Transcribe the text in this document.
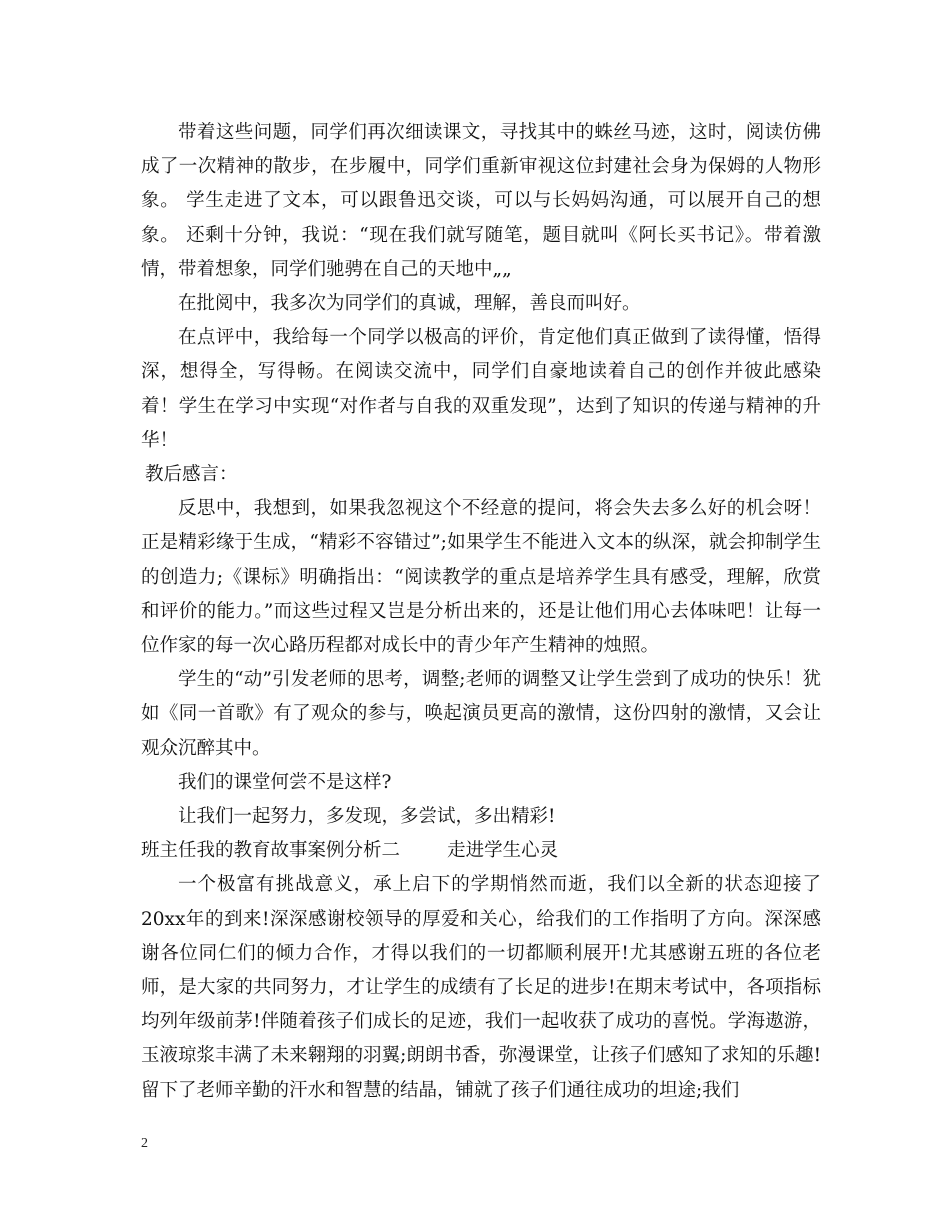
带着这些问题，同学们再次细读课文，寻找其中的蛛丝马迹，这时，阅读仿佛成了一次精神的散步，在步履中，同学们重新审视这位封建社会身为保姆的人物形象。 学生走进了文本，可以跟鲁迅交谈，可以与长妈妈沟通，可以展开自己的想象。 还剩十分钟，我说：“现在我们就写随笔，题目就叫《阿长买书记》。带着激情，带着想象，同学们驰骋在自己的天地中„„

在批阅中，我多次为同学们的真诚，理解，善良而叫好。

在点评中，我给每一个同学以极高的评价，肯定他们真正做到了读得懂，悟得深，想得全，写得畅。在阅读交流中，同学们自豪地读着自己的创作并彼此感染着！学生在学习中实现“对作者与自我的双重发现”，达到了知识的传递与精神的升华！

教后感言：

反思中，我想到，如果我忽视这个不经意的提问，将会失去多么好的机会呀！正是精彩缘于生成，“精彩不容错过”;如果学生不能进入文本的纵深，就会抑制学生的创造力;《课标》明确指出：“阅读教学的重点是培养学生具有感受，理解，欣赏和评价的能力。”而这些过程又岂是分析出来的，还是让他们用心去体味吧！让每一位作家的每一次心路历程都对成长中的青少年产生精神的烛照。

学生的“动”引发老师的思考，调整;老师的调整又让学生尝到了成功的快乐！犹如《同一首歌》有了观众的参与，唤起演员更高的激情，这份四射的激情，又会让观众沉醉其中。

我们的课堂何尝不是这样?

让我们一起努力，多发现，多尝试，多出精彩!

班主任我的教育故事案例分析二	走进学生心灵

一个极富有挑战意义，承上启下的学期悄然而逝，我们以全新的状态迎接了20xx年的到来!深深感谢校领导的厚爱和关心，给我们的工作指明了方向。深深感谢各位同仁们的倾力合作，才得以我们的一切都顺利展开!尤其感谢五班的各位老师，是大家的共同努力，才让学生的成绩有了长足的进步!在期末考试中，各项指标均列年级前茅!伴随着孩子们成长的足迹，我们一起收获了成功的喜悦。学海遨游，玉液琼浆丰满了未来翱翔的羽翼;朗朗书香，弥漫课堂，让孩子们感知了求知的乐趣!留下了老师辛勤的汗水和智慧的结晶，铺就了孩子们通往成功的坦途;我们

2
